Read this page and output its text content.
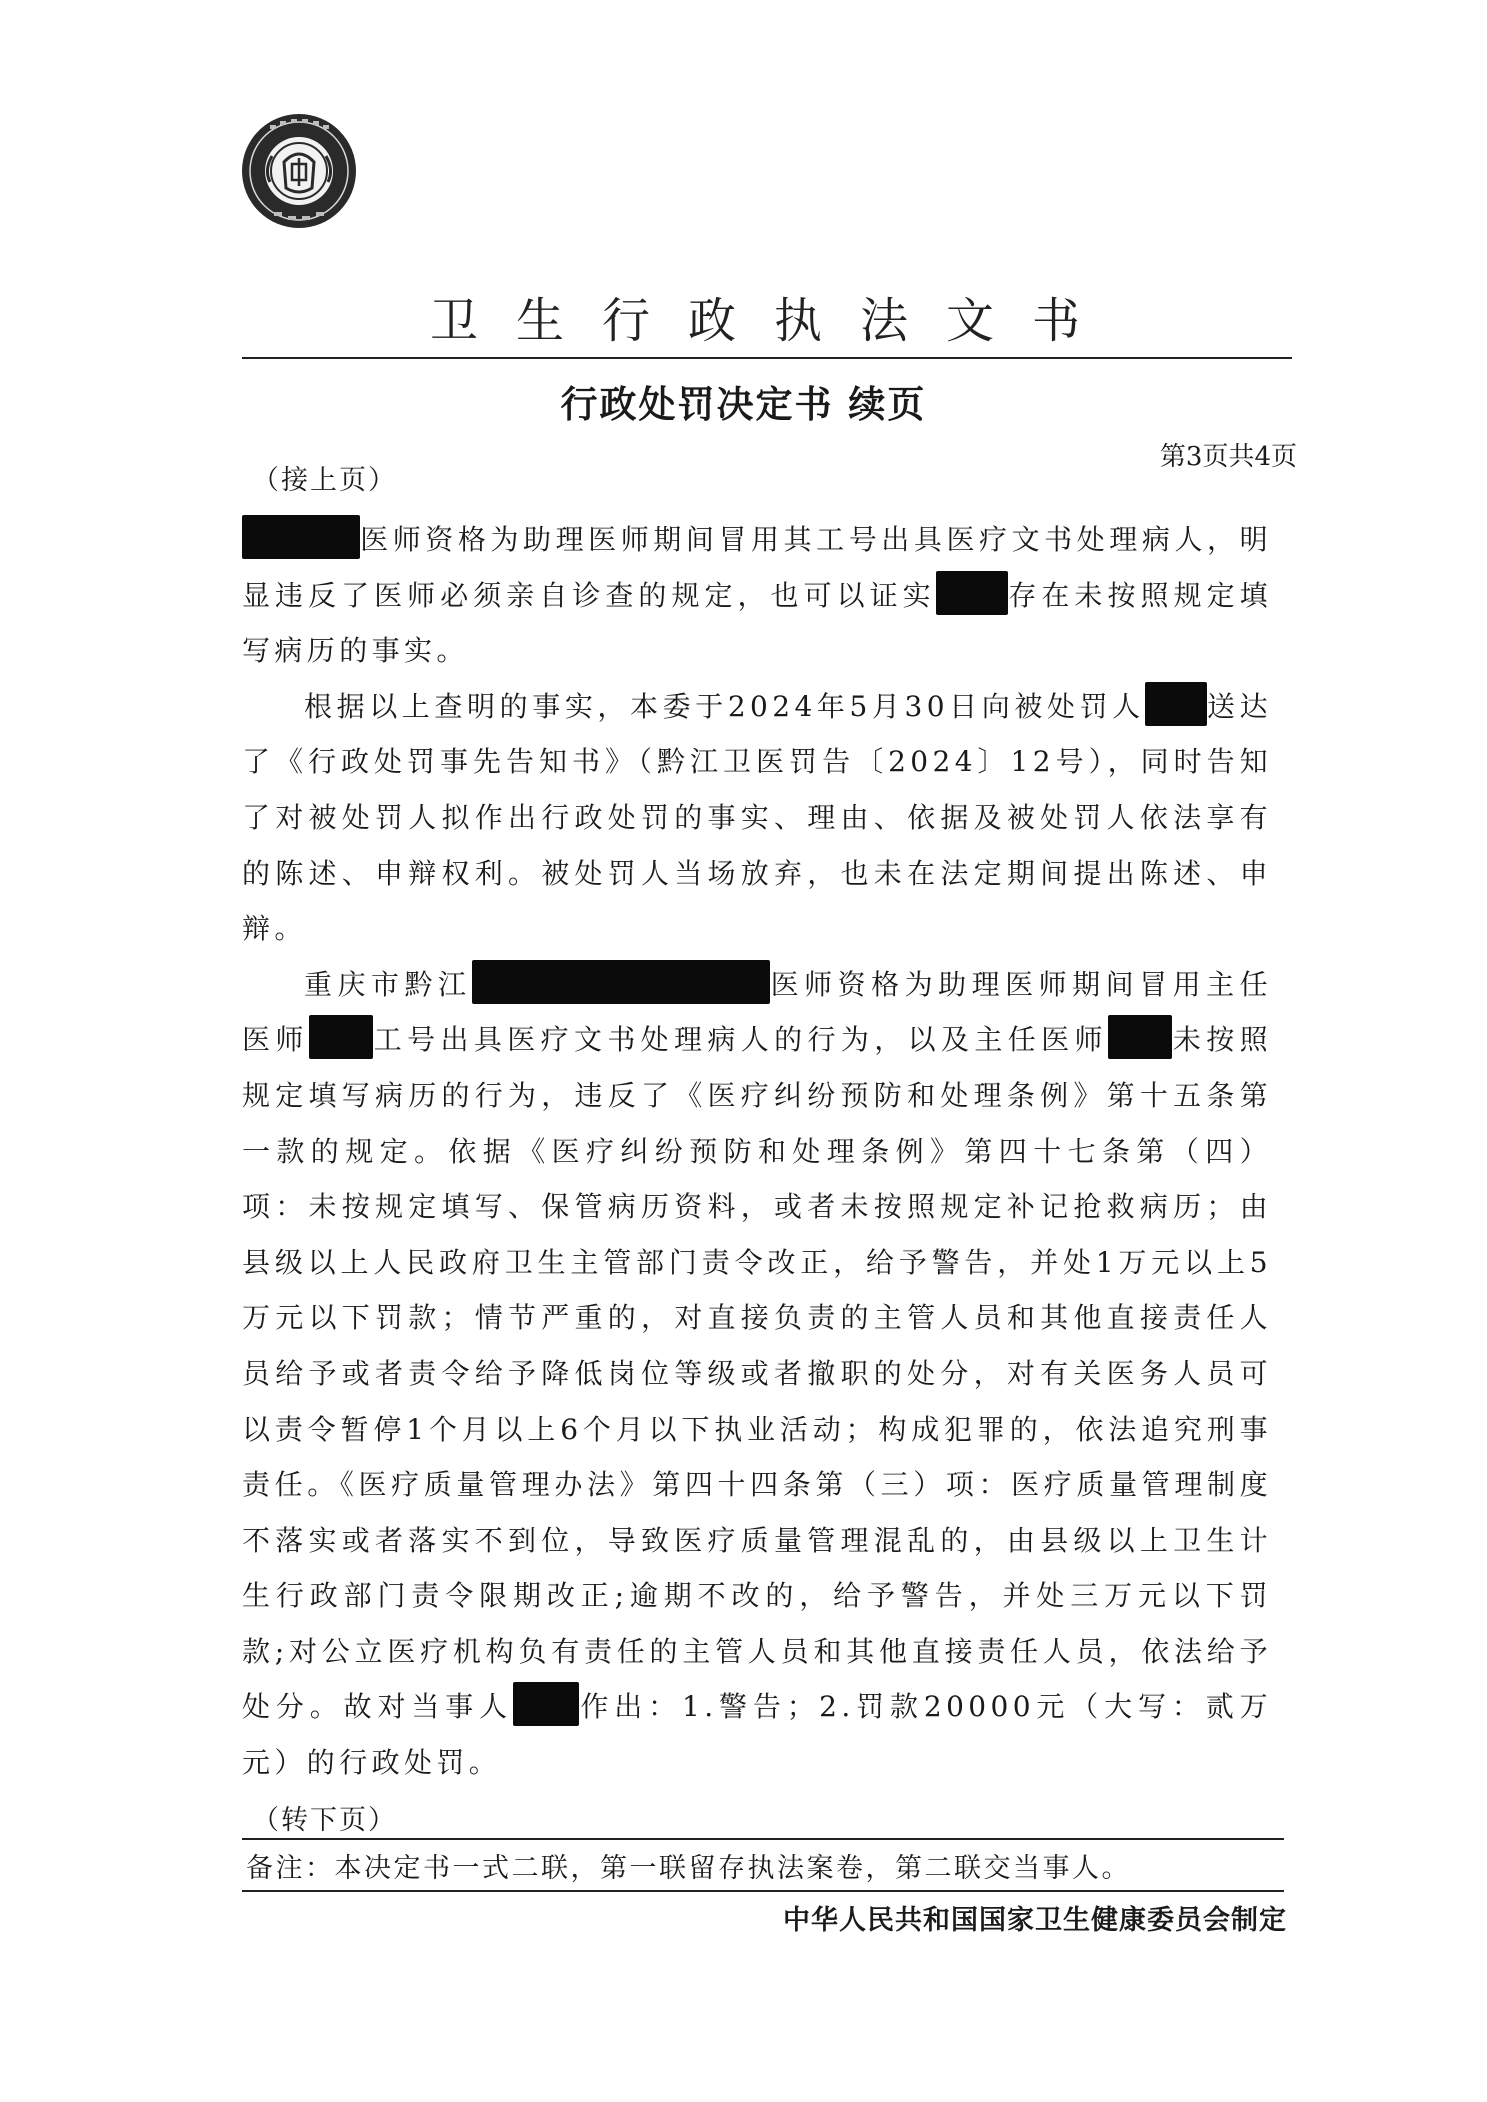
卫生行政执法文书
行政处罚决定书 续页
第3页共4页
（接上页）

医师资格为助理医师期间冒用其工号出具医疗文书处理病人，明显违反了医师必须亲自诊查的规定，也可以证实	存在未按照规定填写病历的事实。

根据以上查明的事实，本委于2024年5月30日向被处罚人 送达了《行政处罚事先告知书》（黔江卫医罚告〔2024〕12号），同时告知了对被处罚人拟作出行政处罚的事实、理由、依据及被处罚人依法享有的陈述、申辩权利。被处罚人当场放弃，也未在法定期间提出陈述、申辩。

重庆市黔江	医师资格为助理医师期间冒用主任医师 工号出具医疗文书处理病人的行为，以及主任医师 未按照规定填写病历的行为，违反了《医疗纠纷预防和处理条例》第十五条第一款的规定。依据《医疗纠纷预防和处理条例》第四十七条第（四）项：未按规定填写、保管病历资料，或者未按照规定补记抢救病历；由县级以上人民政府卫生主管部门责令改正，给予警告，并处1万元以上5万元以下罚款；情节严重的，对直接负责的主管人员和其他直接责任人员给予或者责令给予降低岗位等级或者撤职的处分，对有关医务人员可以责令暂停1个月以上6个月以下执业活动；构成犯罪的，依法追究刑事责任。《医疗质量管理办法》第四十四条第（三）项：医疗质量管理制度不落实或者落实不到位，导致医疗质量管理混乱的，由县级以上卫生计生行政部门责令限期改正;逾期不改的，给予警告，并处三万元以下罚款;对公立医疗机构负有责任的主管人员和其他直接责任人员，依法给予处分。故对当事人 作出：1.警告；2.罚款20000元（大写：贰万元）的行政处罚。

（转下页）
备注：本决定书一式二联，第一联留存执法案卷，第二联交当事人。
中华人民共和国国家卫生健康委员会制定
